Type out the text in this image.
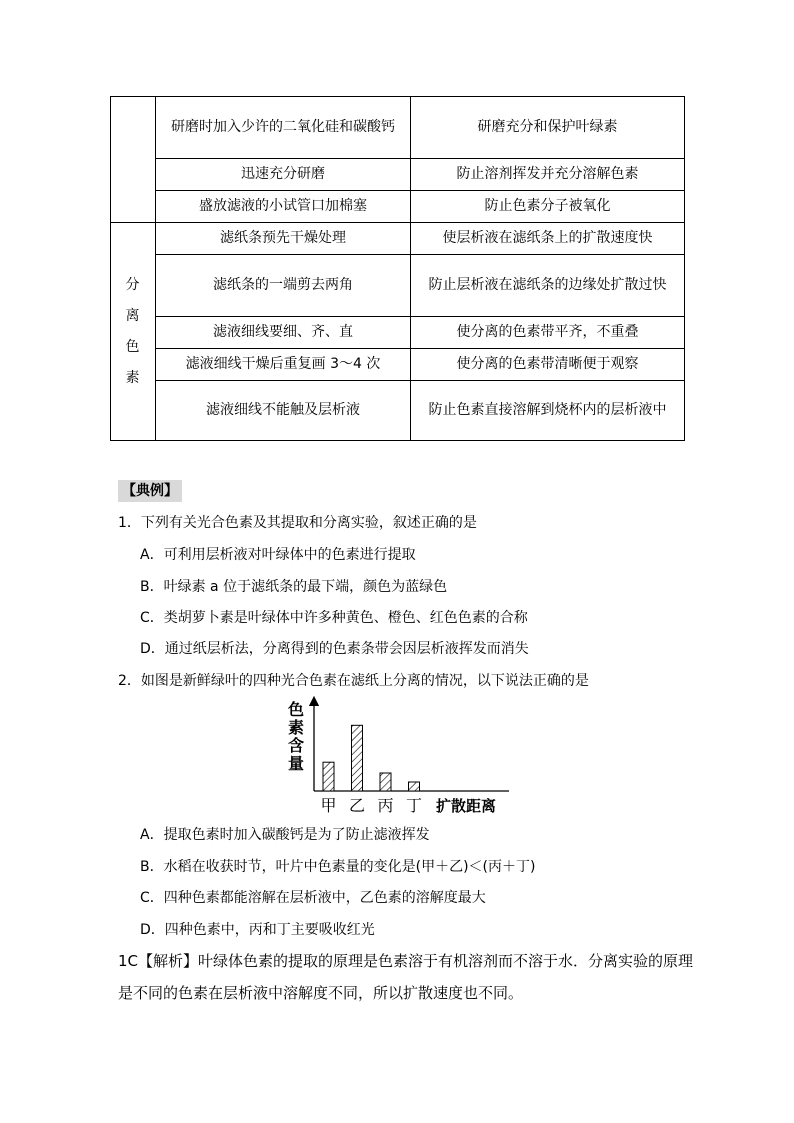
	研磨时加入少许的二氧化硅和碳酸钙	研磨充分和保护叶绿素
	迅速充分研磨	防止溶剂挥发并充分溶解色素
	盛放滤液的小试管口加棉塞	防止色素分子被氧化
分离色素	滤纸条预先干燥处理	使层析液在滤纸条上的扩散速度快
	滤纸条的一端剪去两角	防止层析液在滤纸条的边缘处扩散过快
	滤液细线要细、齐、直	使分离的色素带平齐，不重叠
	滤液细线干燥后重复画 3～4 次	使分离的色素带清晰便于观察
	滤液细线不能触及层析液	防止色素直接溶解到烧杯内的层析液中
【典例】
1．下列有关光合色素及其提取和分离实验，叙述正确的是
A．可利用层析液对叶绿体中的色素进行提取
B．叶绿素 a 位于滤纸条的最下端，颜色为蓝绿色
C．类胡萝卜素是叶绿体中许多种黄色、橙色、红色色素的合称
D．通过纸层析法，分离得到的色素条带会因层析液挥发而消失
2．如图是新鲜绿叶的四种光合色素在滤纸上分离的情况，以下说法正确的是
色
素
含
量
甲 乙 丙 丁 扩散距离
A．提取色素时加入碳酸钙是为了防止滤液挥发
B．水稻在收获时节，叶片中色素量的变化是(甲＋乙)＜(丙＋丁)
C．四种色素都能溶解在层析液中，乙色素的溶解度最大
D．四种色素中，丙和丁主要吸收红光
1C【解析】叶绿体色素的提取的原理是色素溶于有机溶剂而不溶于水．分离实验的原理
是不同的色素在层析液中溶解度不同，所以扩散速度也不同。
